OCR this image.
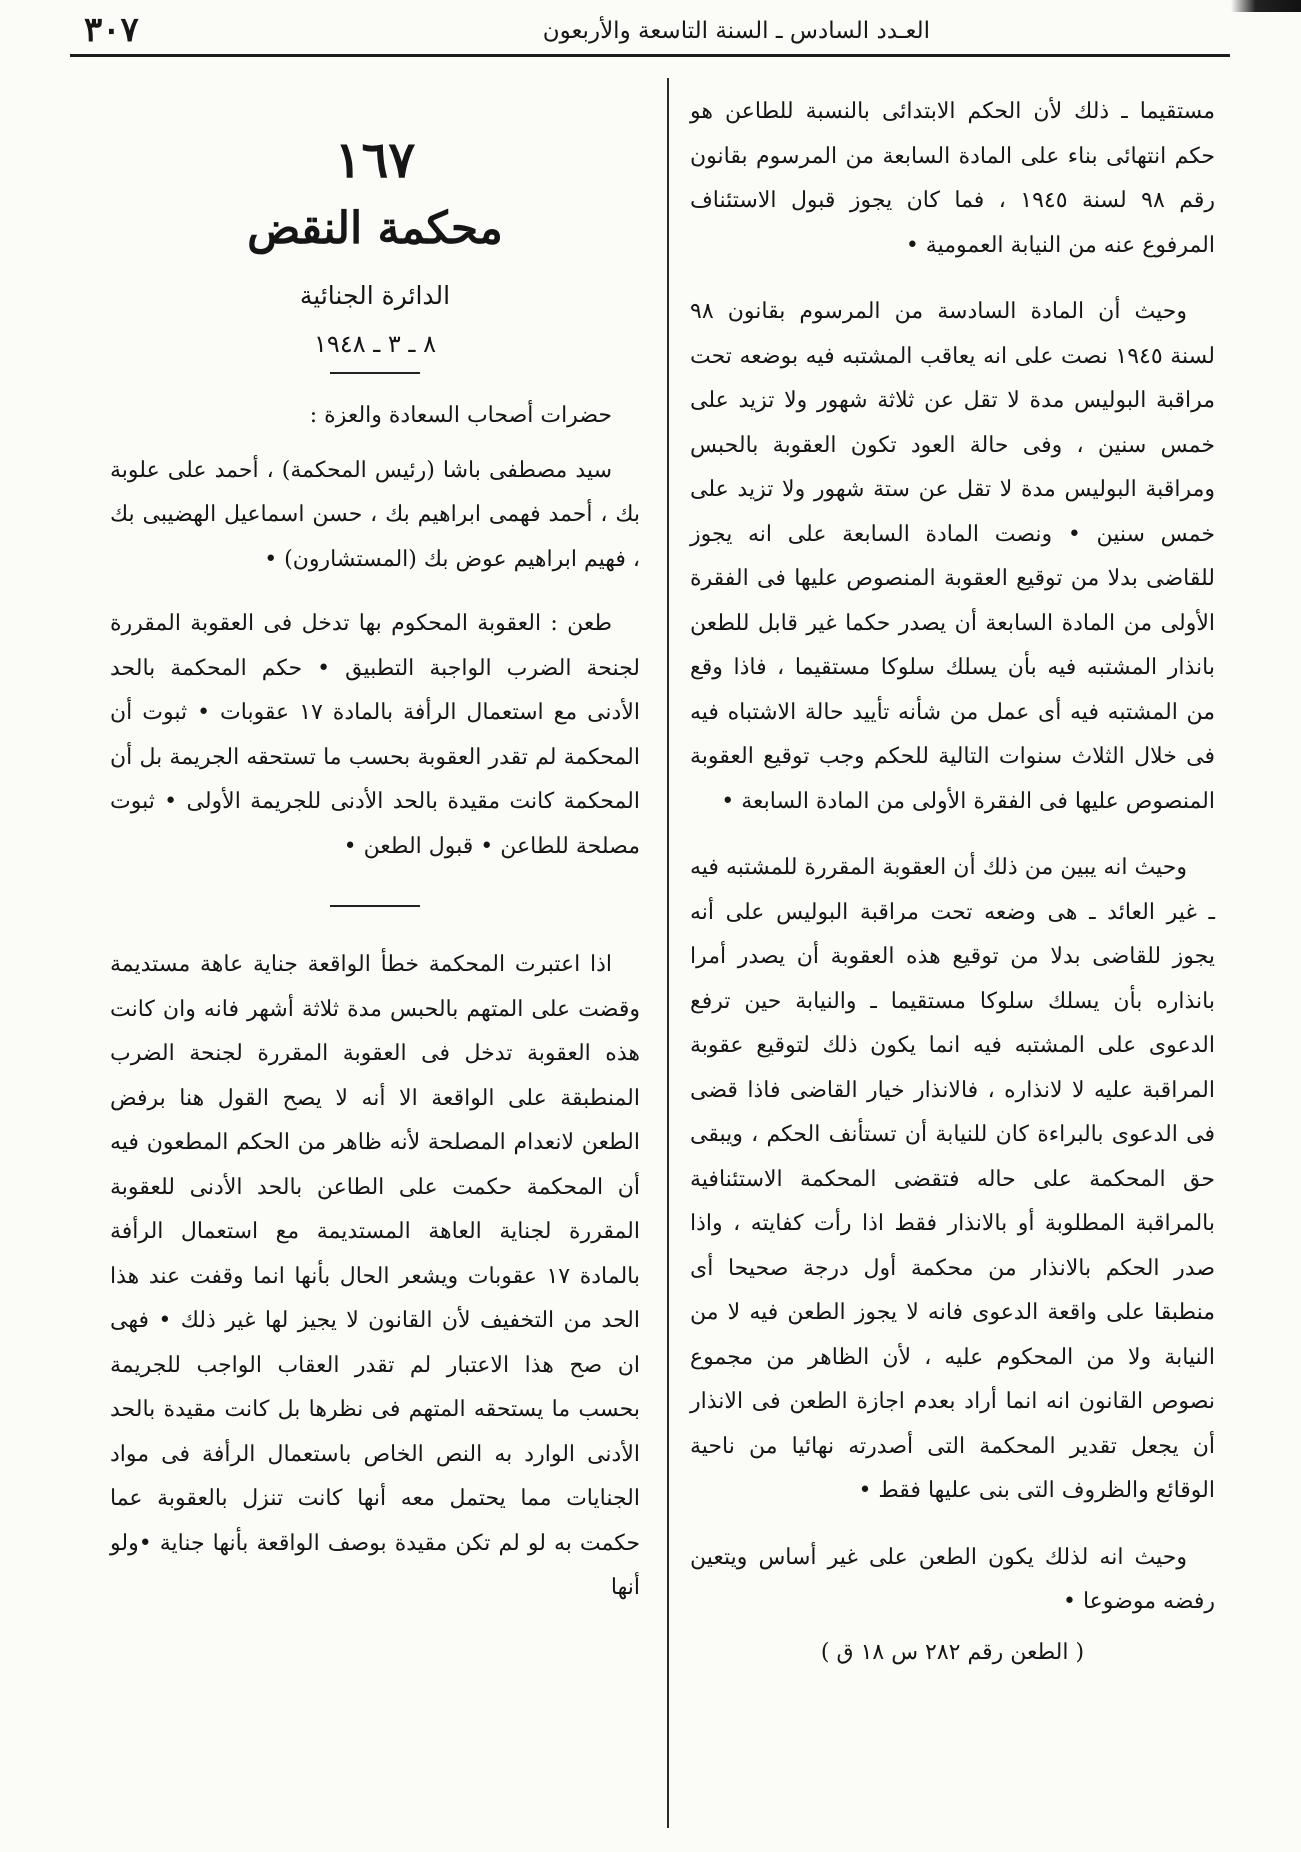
٣٠٧	العـدد السادس ـ السنة التاسعة والأربعون

مستقيما ـ ذلك لأن الحكم الابتدائى بالنسبة للطاعن هو حكم انتهائى بناء على المادة السابعة من المرسوم بقانون رقم ٩٨ لسنة ١٩٤٥ ، فما كان يجوز قبول الاستئناف المرفوع عنه من النيابة العمومية •

وحيث أن المادة السادسة من المرسوم بقانون ٩٨ لسنة ١٩٤٥ نصت على انه يعاقب المشتبه فيه بوضعه تحت مراقبة البوليس مدة لا تقل عن ثلاثة شهور ولا تزيد على خمس سنين ، وفى حالة العود تكون العقوبة بالحبس ومراقبة البوليس مدة لا تقل عن ستة شهور ولا تزيد على خمس سنين • ونصت المادة السابعة على انه يجوز للقاضى بدلا من توقيع العقوبة المنصوص عليها فى الفقرة الأولى من المادة السابعة أن يصدر حكما غير قابل للطعن بانذار المشتبه فيه بأن يسلك سلوكا مستقيما ، فاذا وقع من المشتبه فيه أى عمل من شأنه تأييد حالة الاشتباه فيه فى خلال الثلاث سنوات التالية للحكم وجب توقيع العقوبة المنصوص عليها فى الفقرة الأولى من المادة السابعة •

وحيث انه يبين من ذلك أن العقوبة المقررة للمشتبه فيه ـ غير العائد ـ هى وضعه تحت مراقبة البوليس على أنه يجوز للقاضى بدلا من توقيع هذه العقوبة أن يصدر أمرا بانذاره بأن يسلك سلوكا مستقيما ـ والنيابة حين ترفع الدعوى على المشتبه فيه انما يكون ذلك لتوقيع عقوبة المراقبة عليه لا لانذاره ، فالانذار خيار القاضى فاذا قضى فى الدعوى بالبراءة كان للنيابة أن تستأنف الحكم ، ويبقى حق المحكمة على حاله فتقضى المحكمة الاستئنافية بالمراقبة المطلوبة أو بالانذار فقط اذا رأت كفايته ، واذا صدر الحكم بالانذار من محكمة أول درجة صحيحا أى منطبقا على واقعة الدعوى فانه لا يجوز الطعن فيه لا من النيابة ولا من المحكوم عليه ، لأن الظاهر من مجموع نصوص القانون انه انما أراد بعدم اجازة الطعن فى الانذار أن يجعل تقدير المحكمة التى أصدرته نهائيا من ناحية الوقائع والظروف التى بنى عليها فقط •

وحيث انه لذلك يكون الطعن على غير أساس ويتعين رفضه موضوعا •

( الطعن رقم ٢٨٢ س ١٨ ق )

١٦٧

محكمة النقض

الدائرة الجنائية

٨ ـ ٣ ـ ١٩٤٨

حضرات أصحاب السعادة والعزة :

سيد مصطفى باشا (رئيس المحكمة) ، أحمد على علوبة بك ، أحمد فهمى ابراهيم بك ، حسن اسماعيل الهضيبى بك ، فهيم ابراهيم عوض بك (المستشارون) •

طعن : العقوبة المحكوم بها تدخل فى العقوبة المقررة لجنحة الضرب الواجبة التطبيق • حكم المحكمة بالحد الأدنى مع استعمال الرأفة بالمادة ١٧ عقوبات • ثبوت أن المحكمة لم تقدر العقوبة بحسب ما تستحقه الجريمة بل أن المحكمة كانت مقيدة بالحد الأدنى للجريمة الأولى • ثبوت مصلحة للطاعن • قبول الطعن •

اذا اعتبرت المحكمة خطأ الواقعة جناية عاهة مستديمة وقضت على المتهم بالحبس مدة ثلاثة أشهر فانه وان كانت هذه العقوبة تدخل فى العقوبة المقررة لجنحة الضرب المنطبقة على الواقعة الا أنه لا يصح القول هنا برفض الطعن لانعدام المصلحة لأنه ظاهر من الحكم المطعون فيه أن المحكمة حكمت على الطاعن بالحد الأدنى للعقوبة المقررة لجناية العاهة المستديمة مع استعمال الرأفة بالمادة ١٧ عقوبات ويشعر الحال بأنها انما وقفت عند هذا الحد من التخفيف لأن القانون لا يجيز لها غير ذلك • فهى ان صح هذا الاعتبار لم تقدر العقاب الواجب للجريمة بحسب ما يستحقه المتهم فى نظرها بل كانت مقيدة بالحد الأدنى الوارد به النص الخاص باستعمال الرأفة فى مواد الجنايات مما يحتمل معه أنها كانت تنزل بالعقوبة عما حكمت به لو لم تكن مقيدة بوصف الواقعة بأنها جناية •ولو أنها
